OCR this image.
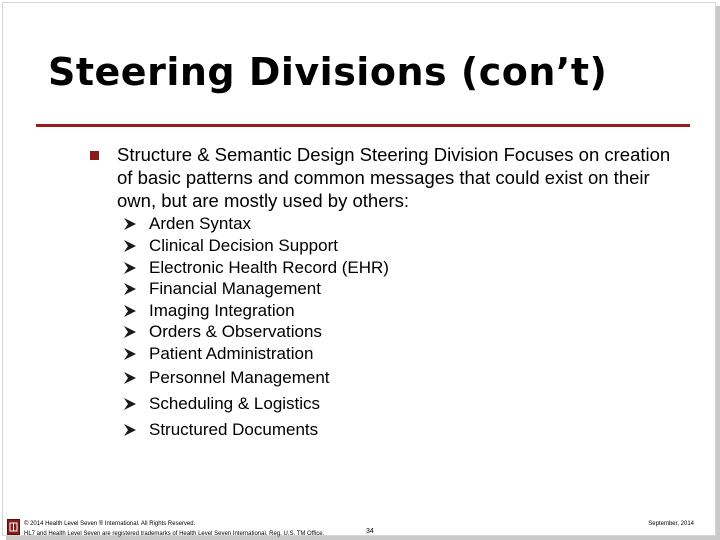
Steering Divisions (con’t)
Structure & Semantic Design Steering Division Focuses on creation of basic patterns and common messages that could exist on their own, but are mostly used by others:
Arden Syntax
Clinical Decision Support
Electronic Health Record (EHR)
Financial Management
Imaging Integration
Orders & Observations
Patient Administration
Personnel Management
Scheduling & Logistics
Structured Documents
© 2014 Health Level Seven ® International. All Rights Reserved.
HL7 and Health Level Seven are registered trademarks of Health Level Seven International. Reg. U.S. TM Office.	34
September, 2014
